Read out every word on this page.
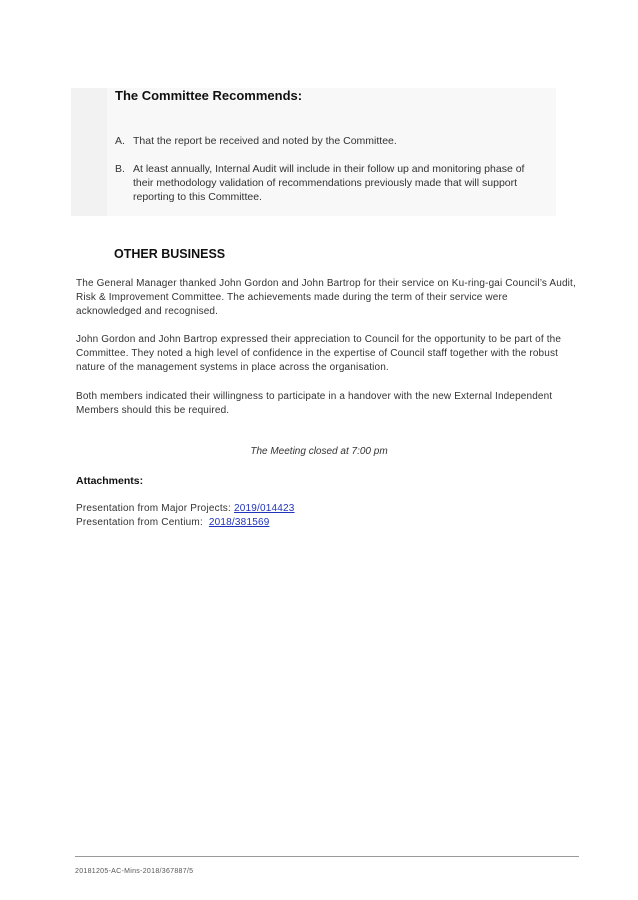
The Committee Recommends:
A. That the report be received and noted by the Committee.
B. At least annually, Internal Audit will include in their follow up and monitoring phase of their methodology validation of recommendations previously made that will support reporting to this Committee.
OTHER BUSINESS
The General Manager thanked John Gordon and John Bartrop for their service on Ku-ring-gai Council’s Audit, Risk & Improvement Committee. The achievements made during the term of their service were acknowledged and recognised.
John Gordon and John Bartrop expressed their appreciation to Council for the opportunity to be part of the Committee. They noted a high level of confidence in the expertise of Council staff together with the robust nature of the management systems in place across the organisation.
Both members indicated their willingness to participate in a handover with the new External Independent Members should this be required.
The Meeting closed at 7:00 pm
Attachments:
Presentation from Major Projects: 2019/014423
Presentation from Centium:  2018/381569
20181205-AC-Mins-2018/367887/5
